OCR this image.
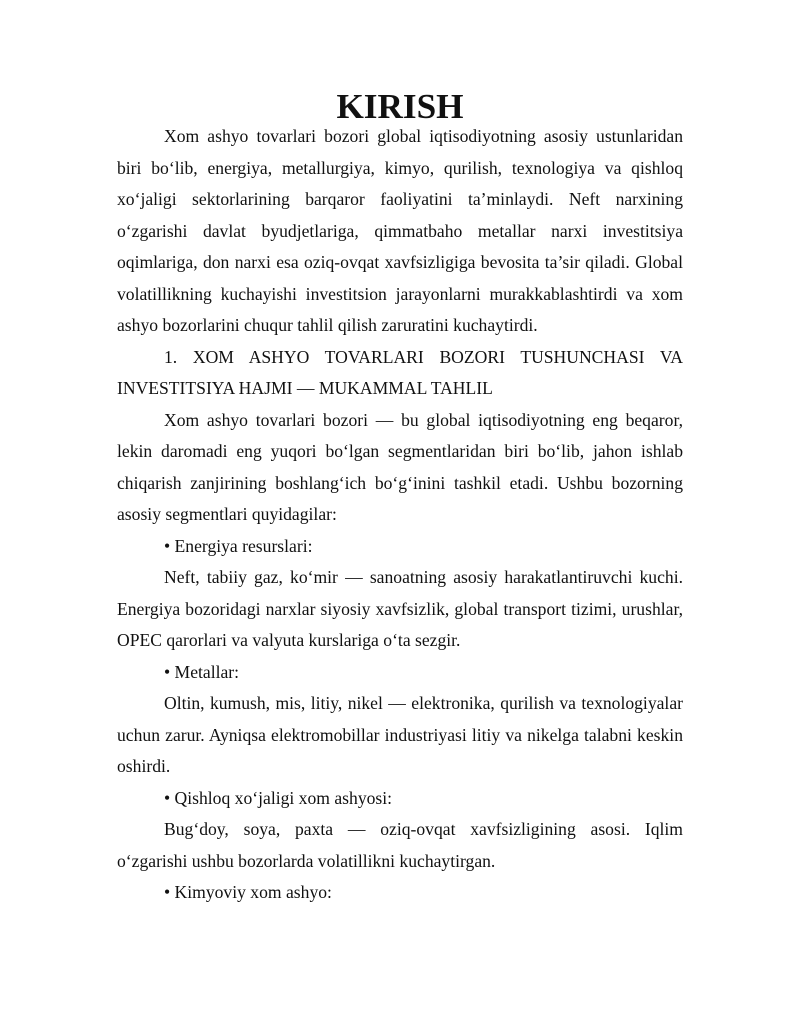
KIRISH

Xom ashyo tovarlari bozori global iqtisodiyotning asosiy ustunlaridan biri bo‘lib, energiya, metallurgiya, kimyo, qurilish, texnologiya va qishloq xo‘jaligi sektorlarining barqaror faoliyatini ta’minlaydi. Neft narxining o‘zgarishi davlat byudjetlariga, qimmatbaho metallar narxi investitsiya oqimlariga, don narxi esa oziq-ovqat xavfsizligiga bevosita ta’sir qiladi. Global volatillikning kuchayishi investitsion jarayonlarni murakkablashtirdi va xom ashyo bozorlarini chuqur tahlil qilish zaruratini kuchaytirdi.

1. XOM ASHYO TOVARLARI BOZORI TUSHUNCHASI VA INVESTITSIYA HAJMI — MUKAMMAL TAHLIL

Xom ashyo tovarlari bozori — bu global iqtisodiyotning eng beqaror, lekin daromadi eng yuqori bo‘lgan segmentlaridan biri bo‘lib, jahon ishlab chiqarish zanjirining boshlang‘ich bo‘g‘inini tashkil etadi. Ushbu bozorning asosiy segmentlari quyidagilar:

• Energiya resurslari:

Neft, tabiiy gaz, ko‘mir — sanoatning asosiy harakatlantiruvchi kuchi. Energiya bozoridagi narxlar siyosiy xavfsizlik, global transport tizimi, urushlar, OPEC qarorlari va valyuta kurslariga o‘ta sezgir.

• Metallar:

Oltin, kumush, mis, litiy, nikel — elektronika, qurilish va texnologiyalar uchun zarur. Ayniqsa elektromobillar industriyasi litiy va nikelga talabni keskin oshirdi.

• Qishloq xo‘jaligi xom ashyosi:

Bug‘doy, soya, paxta — oziq-ovqat xavfsizligining asosi. Iqlim o‘zgarishi ushbu bozorlarda volatillikni kuchaytirgan.

• Kimyoviy xom ashyo:
